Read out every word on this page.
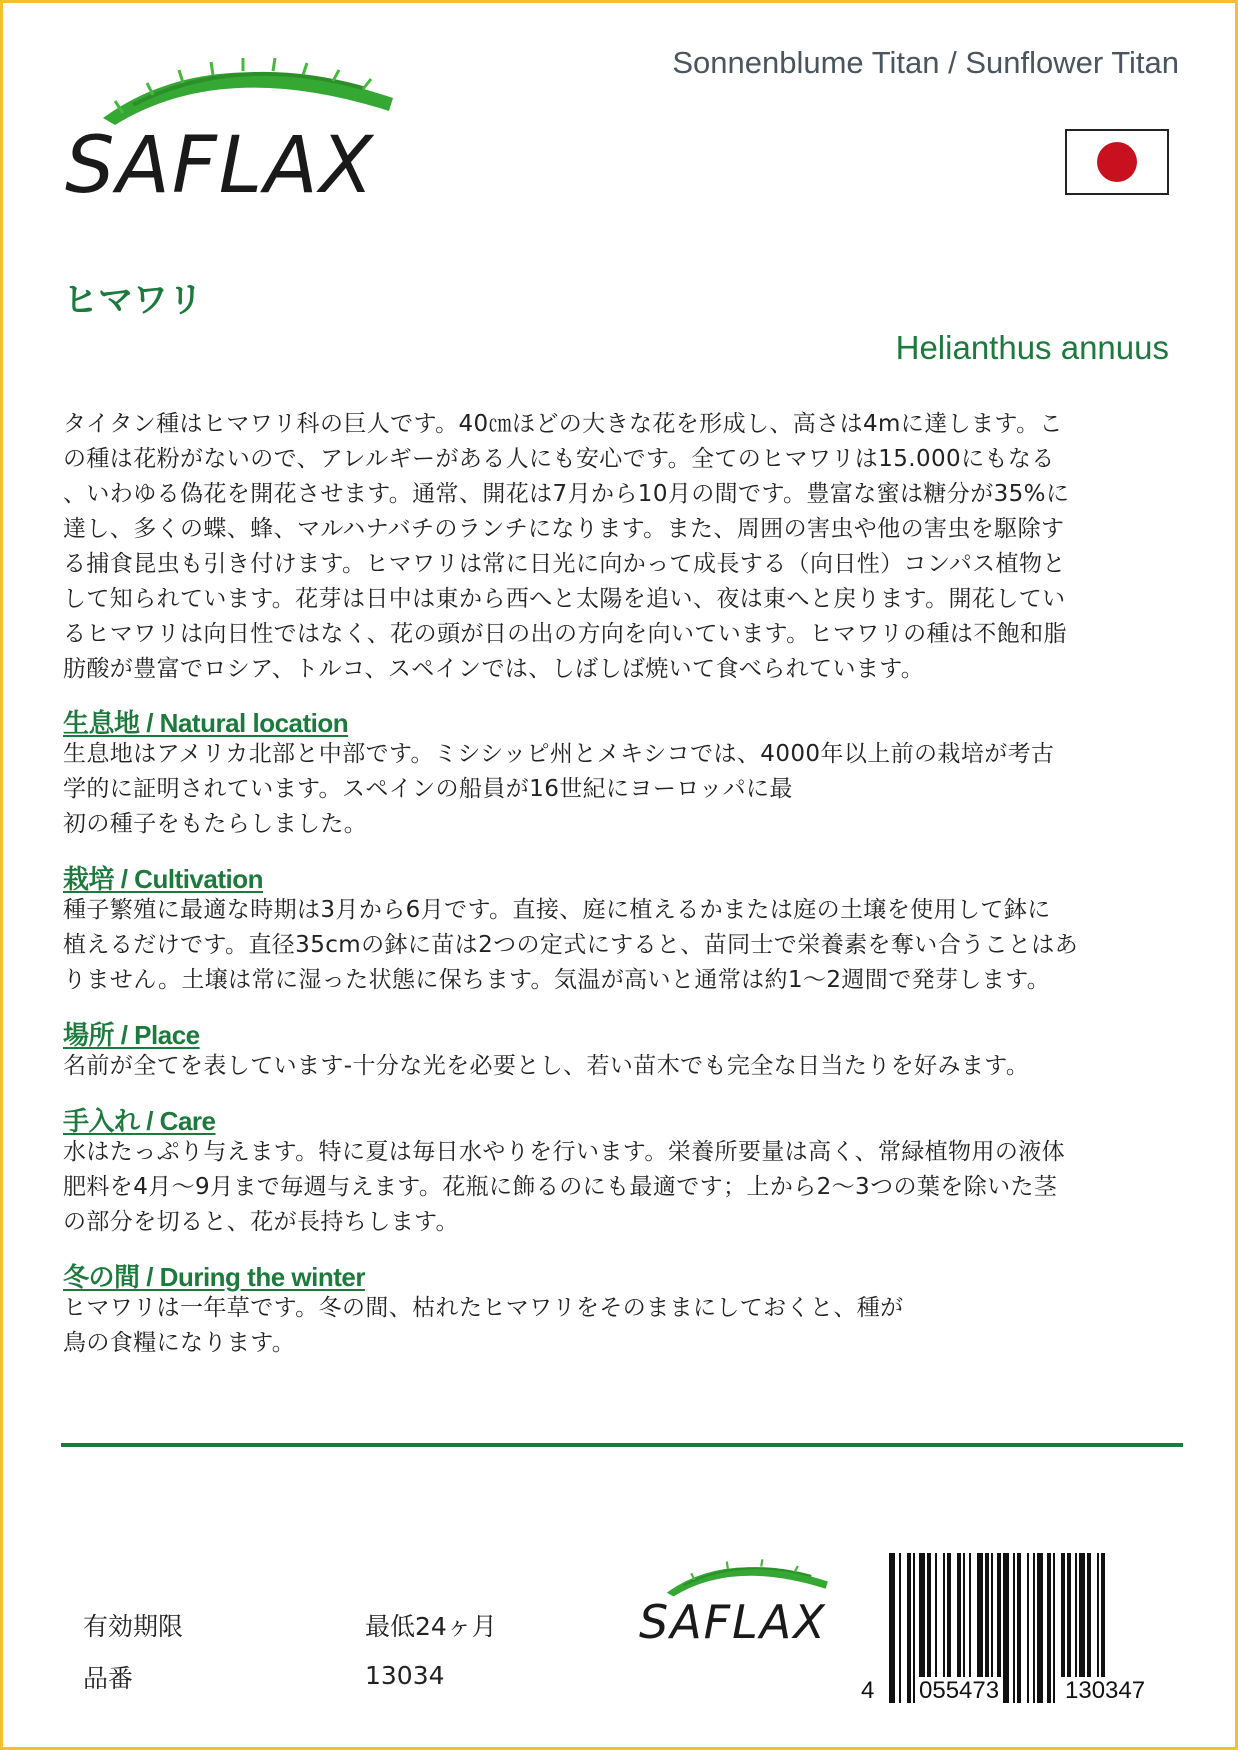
SAFLAX
Sonnenblume Titan / Sunflower Titan
ヒマワリ
Helianthus annuus
タイタン種はヒマワリ科の巨人です。40㎝ほどの大きな花を形成し、高さは4mに達します。こ
の種は花粉がないので、アレルギーがある人にも安心です。全てのヒマワリは15.000にもなる
、いわゆる偽花を開花させます。通常、開花は7月から10月の間です。豊富な蜜は糖分が35%に
達し、多くの蝶、蜂、マルハナバチのランチになります。また、周囲の害虫や他の害虫を駆除す
る捕食昆虫も引き付けます。ヒマワリは常に日光に向かって成長する（向日性）コンパス植物と
して知られています。花芽は日中は東から西へと太陽を追い、夜は東へと戻ります。開花してい
るヒマワリは向日性ではなく、花の頭が日の出の方向を向いています。ヒマワリの種は不飽和脂
肪酸が豊富でロシア、トルコ、スペインでは、しばしば焼いて食べられています。
生息地 / Natural location
生息地はアメリカ北部と中部です。ミシシッピ州とメキシコでは、4000年以上前の栽培が考古
学的に証明されています。スペインの船員が16世紀にヨーロッパに最
初の種子をもたらしました。
栽培 / Cultivation
種子繁殖に最適な時期は3月から6月です。直接、庭に植えるかまたは庭の土壌を使用して鉢に
植えるだけです。直径35cmの鉢に苗は2つの定式にすると、苗同士で栄養素を奪い合うことはあ
りません。土壌は常に湿った状態に保ちます。気温が高いと通常は約1～2週間で発芽します。
場所 / Place
名前が全てを表しています-十分な光を必要とし、若い苗木でも完全な日当たりを好みます。
手入れ / Care
水はたっぷり与えます。特に夏は毎日水やりを行います。栄養所要量は高く、常緑植物用の液体
肥料を4月～9月まで毎週与えます。花瓶に飾るのにも最適です；上から2～3つの葉を除いた茎
の部分を切ると、花が長持ちします。
冬の間 / During the winter
ヒマワリは一年草です。冬の間、枯れたヒマワリをそのままにしておくと、種が
鳥の食糧になります。
有効期限	最低24ヶ月
品番	13034
SAFLAX
4 055473	130347
